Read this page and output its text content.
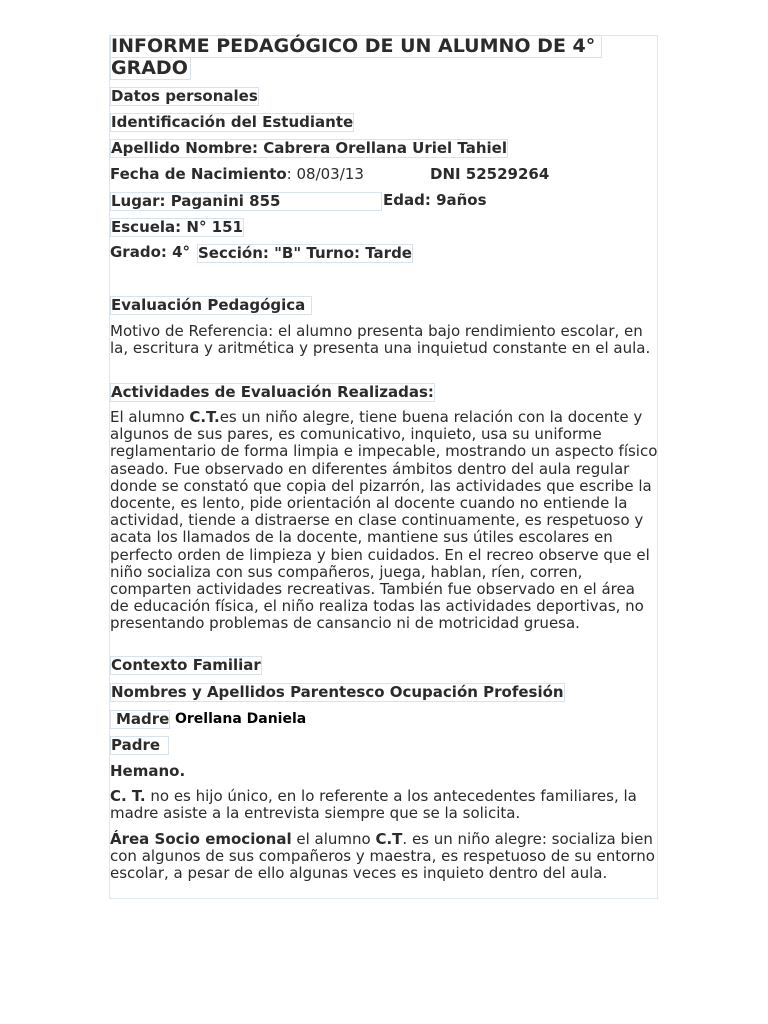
INFORME PEDAGÓGICO DE UN ALUMNO DE 4°
GRADO
Datos personales
Identificación del Estudiante
Apellido Nombre: Cabrera Orellana Uriel Tahiel
Fecha de Nacimiento: 08/03/13	DNI 52529264
Lugar: Paganini 855	Edad: 9años
Escuela: N° 151
Grado: 4° Sección: "B" Turno: Tarde
Evaluación Pedagógica
Motivo de Referencia: el alumno presenta bajo rendimiento escolar, en la, escritura y aritmética y presenta una inquietud constante en el aula.
Actividades de Evaluación Realizadas:
El alumno C.T.es un niño alegre, tiene buena relación con la docente y algunos de sus pares, es comunicativo, inquieto, usa su uniforme reglamentario de forma limpia e impecable, mostrando un aspecto físico aseado. Fue observado en diferentes ámbitos dentro del aula regular donde se constató que copia del pizarrón, las actividades que escribe la docente, es lento, pide orientación al docente cuando no entiende la actividad, tiende a distraerse en clase continuamente, es respetuoso y acata los llamados de la docente, mantiene sus útiles escolares en perfecto orden de limpieza y bien cuidados. En el recreo observe que el niño socializa con sus compañeros, juega, hablan, ríen, corren, comparten actividades recreativas. También fue observado en el área de educación física, el niño realiza todas las actividades deportivas, no presentando problemas de cansancio ni de motricidad gruesa.
Contexto Familiar
Nombres y Apellidos Parentesco Ocupación Profesión
Madre Orellana Daniela
Padre
Hemano.
C. T. no es hijo único, en lo referente a los antecedentes familiares, la madre asiste a la entrevista siempre que se la solicita.
Área Socio emocional el alumno C.T. es un niño alegre: socializa bien con algunos de sus compañeros y maestra, es respetuoso de su entorno escolar, a pesar de ello algunas veces es inquieto dentro del aula.
